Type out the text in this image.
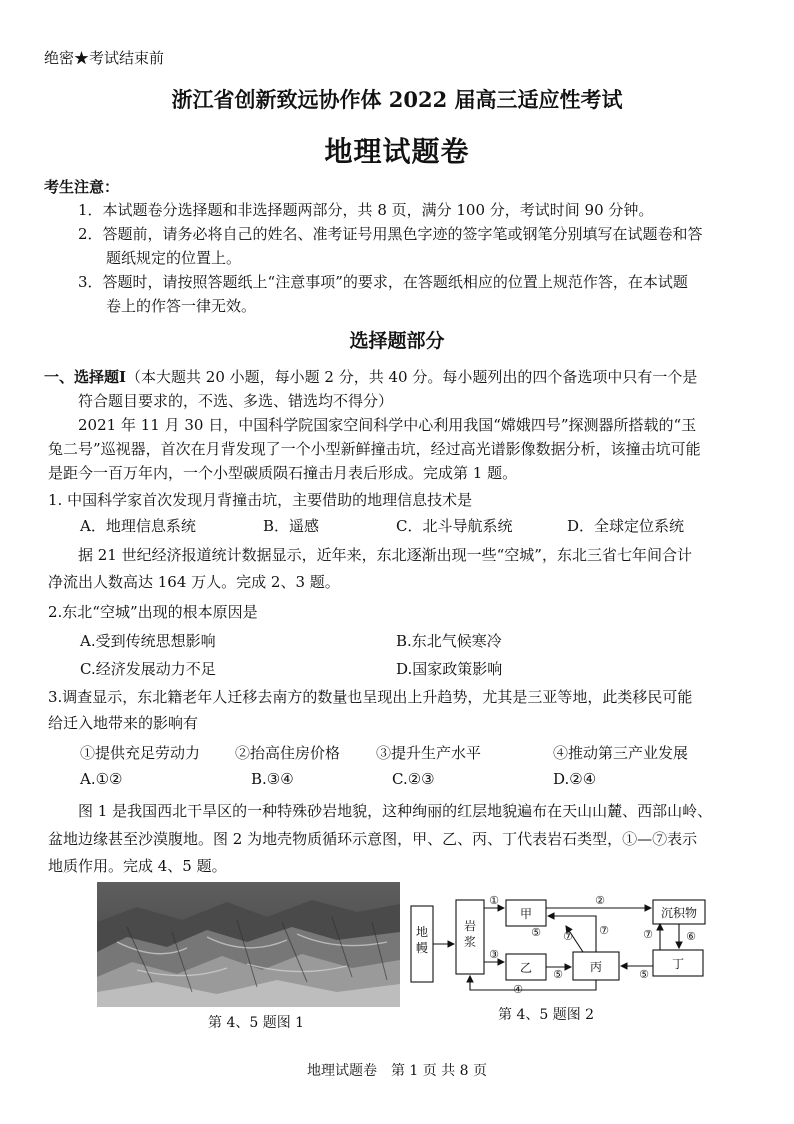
绝密★考试结束前
浙江省创新致远协作体 2022 届高三适应性考试
地理试题卷
考生注意：
1．本试题卷分选择题和非选择题两部分，共 8 页，满分 100 分，考试时间 90 分钟。
2．答题前，请务必将自己的姓名、准考证号用黑色字迹的签字笔或钢笔分别填写在试题卷和答
题纸规定的位置上。
3．答题时，请按照答题纸上“注意事项”的要求，在答题纸相应的位置上规范作答，在本试题
卷上的作答一律无效。
选择题部分
一、选择题Ⅰ（本大题共 20 小题，每小题 2 分，共 40 分。每小题列出的四个备选项中只有一个是
符合题目要求的，不选、多选、错选均不得分）
2021 年 11 月 30 日，中国科学院国家空间科学中心利用我国“嫦娥四号”探测器所搭载的“玉
兔二号”巡视器，首次在月背发现了一个小型新鲜撞击坑，经过高光谱影像数据分析，该撞击坑可能
是距今一百万年内，一个小型碳质陨石撞击月表后形成。完成第 1 题。
1. 中国科学家首次发现月背撞击坑，主要借助的地理信息技术是
A．地理信息系统	B．遥感	C．北斗导航系统	D．全球定位系统
据 21 世纪经济报道统计数据显示，近年来，东北逐渐出现一些“空城”，东北三省七年间合计
净流出人数高达 164 万人。完成 2、3 题。
2.东北“空城”出现的根本原因是
A.受到传统思想影响	B.东北气候寒冷
C.经济发展动力不足	D.国家政策影响
3.调查显示，东北籍老年人迁移去南方的数量也呈现出上升趋势，尤其是三亚等地，此类移民可能
给迁入地带来的影响有
①提供充足劳动力 ②抬高住房价格 ③提升生产水平	④推动第三产业发展
A.①②	B.③④	C.②③	D.②④
图 1 是我国西北干旱区的一种特殊砂岩地貌，这种绚丽的红层地貌遍布在天山山麓、西部山岭、
盆地边缘甚至沙漠腹地。图 2 为地壳物质循环示意图，甲、乙、丙、丁代表岩石类型，①—⑦表示
地质作用。完成 4、5 题。
第 4、5 题图 1
地幔
岩浆
甲
乙	丙
沉积物
丁
①	②
③
④
⑤
⑤
⑤
⑥
⑦
⑦	⑦
第 4、5 题图 2
地理试题卷　第 1 页 共 8 页
